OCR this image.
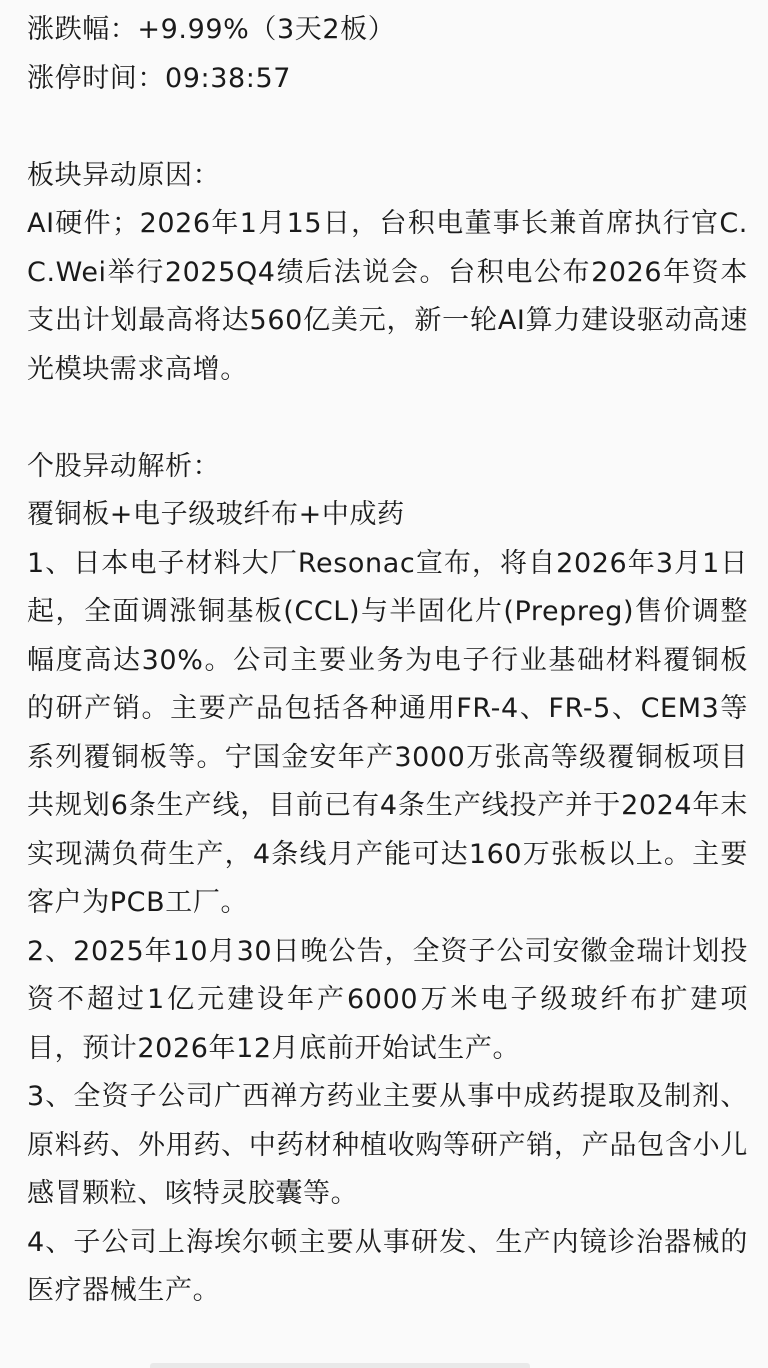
涨跌幅：+9.99%（3天2板）

涨停时间：09:38:57

板块异动原因：

AI硬件；2026年1月15日，台积电董事长兼首席执行官C.C.Wei举行2025Q4绩后法说会。台积电公布2026年资本支出计划最高将达560亿美元，新一轮AI算力建设驱动高速光模块需求高增。

个股异动解析：

覆铜板+电子级玻纤布+中成药

1、日本电子材料大厂Resonac宣布，将自2026年3月1日起，全面调涨铜基板(CCL)与半固化片(Prepreg)售价调整幅度高达30%。公司主要业务为电子行业基础材料覆铜板的研产销。主要产品包括各种通用FR-4、FR-5、CEM3等系列覆铜板等。宁国金安年产3000万张高等级覆铜板项目共规划6条生产线，目前已有4条生产线投产并于2024年末实现满负荷生产，4条线月产能可达160万张板以上。主要客户为PCB工厂。

2、2025年10月30日晚公告，全资子公司安徽金瑞计划投资不超过1亿元建设年产6000万米电子级玻纤布扩建项目，预计2026年12月底前开始试生产。

3、全资子公司广西禅方药业主要从事中成药提取及制剂、原料药、外用药、中药材种植收购等研产销，产品包含小儿感冒颗粒、咳特灵胶囊等。

4、子公司上海埃尔顿主要从事研发、生产内镜诊治器械的医疗器械生产。
